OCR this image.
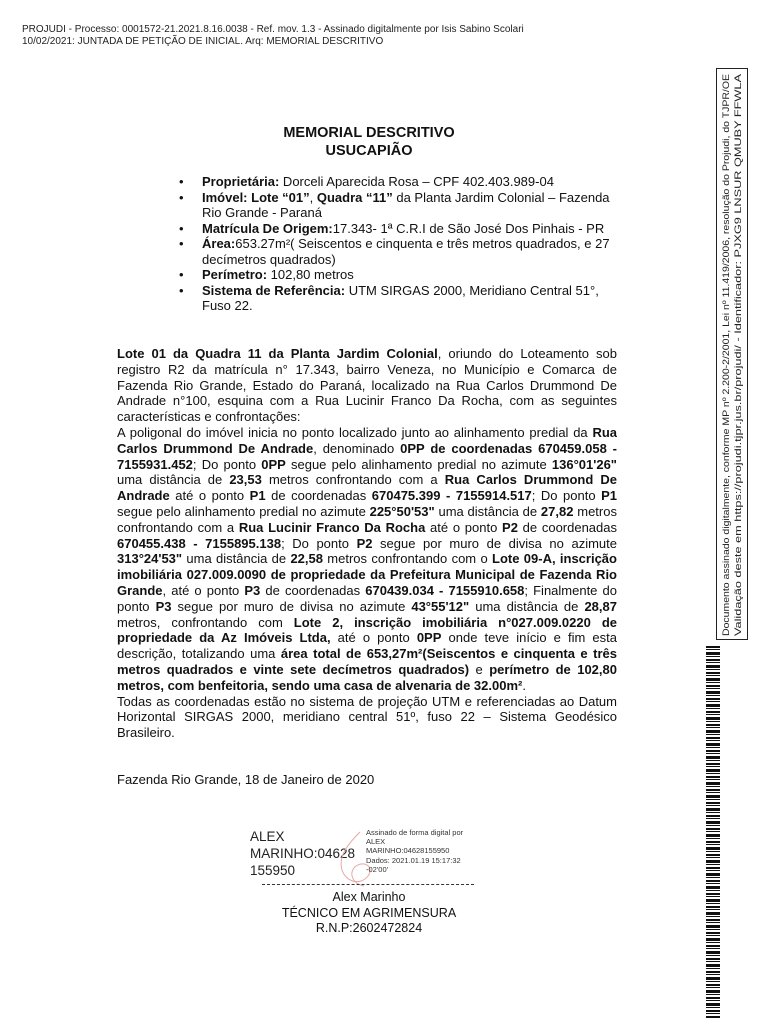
PROJUDI - Processo: 0001572-21.2021.8.16.0038 - Ref. mov. 1.3 - Assinado digitalmente por Isis Sabino Scolari
10/02/2021: JUNTADA DE PETIÇÃO DE INICIAL. Arq: MEMORIAL DESCRITIVO
MEMORIAL DESCRITIVO
USUCAPIÃO
• Proprietária: Dorceli Aparecida Rosa – CPF 402.403.989-04
• Imóvel: Lote “01”, Quadra “11” da Planta Jardim Colonial – Fazenda Rio Grande - Paraná
• Matrícula De Origem:17.343- 1ª C.R.I de São José Dos Pinhais - PR
• Área:653.27m²( Seiscentos e cinquenta e três metros quadrados, e 27 decímetros quadrados)
• Perímetro: 102,80 metros
• Sistema de Referência: UTM SIRGAS 2000, Meridiano Central 51°, Fuso 22.

Lote 01 da Quadra 11 da Planta Jardim Colonial, oriundo do Loteamento sob registro R2 da matrícula n° 17.343, bairro Veneza, no Município e Comarca de Fazenda Rio Grande, Estado do Paraná, localizado na Rua Carlos Drummond De Andrade n°100, esquina com a Rua Lucinir Franco Da Rocha, com as seguintes características e confrontações:

A poligonal do imóvel inicia no ponto localizado junto ao alinhamento predial da Rua Carlos Drummond De Andrade, denominado 0PP de coordenadas 670459.058 - 7155931.452; Do ponto 0PP segue pelo alinhamento predial no azimute 136°01'26" uma distância de 23,53 metros confrontando com a Rua Carlos Drummond De Andrade até o ponto P1 de coordenadas 670475.399 - 7155914.517; Do ponto P1 segue pelo alinhamento predial no azimute 225°50'53" uma distância de 27,82 metros confrontando com a Rua Lucinir Franco Da Rocha até o ponto P2 de coordenadas 670455.438 - 7155895.138; Do ponto P2 segue por muro de divisa no azimute 313°24'53" uma distância de 22,58 metros confrontando com o Lote 09-A, inscrição imobiliária 027.009.0090 de propriedade da Prefeitura Municipal de Fazenda Rio Grande, até o ponto P3 de coordenadas 670439.034 - 7155910.658; Finalmente do ponto P3 segue por muro de divisa no azimute 43°55'12" uma distância de 28,87 metros, confrontando com Lote 2, inscrição imobiliária n°027.009.0220 de propriedade da Az Imóveis Ltda, até o ponto 0PP onde teve início e fim esta descrição, totalizando uma área total de 653,27m²(Seiscentos e cinquenta e três metros quadrados e vinte sete decímetros quadrados) e perímetro de 102,80 metros, com benfeitoria, sendo uma casa de alvenaria de 32.00m².

Todas as coordenadas estão no sistema de projeção UTM e referenciadas ao Datum Horizontal SIRGAS 2000, meridiano central 51º, fuso 22 – Sistema Geodésico Brasileiro.

Fazenda Rio Grande, 18 de Janeiro de 2020
ALEX
MARINHO:04628
155950
Assinado de forma digital por
ALEX
MARINHO:04628155950
Dados: 2021.01.19 15:17:32
-02'00'
Alex Marinho
TÉCNICO EM AGRIMENSURA
R.N.P:2602472824
Documento assinado digitalmente, conforme MP nº 2.200-2/2001, Lei nº 11.419/2006, resolução do Projudi, do TJPR/OE Validação deste em https://projudi.tjpr.jus.br/projudi/ - Identificador: PJXG9 LNSUR QMUBY FFWLA
